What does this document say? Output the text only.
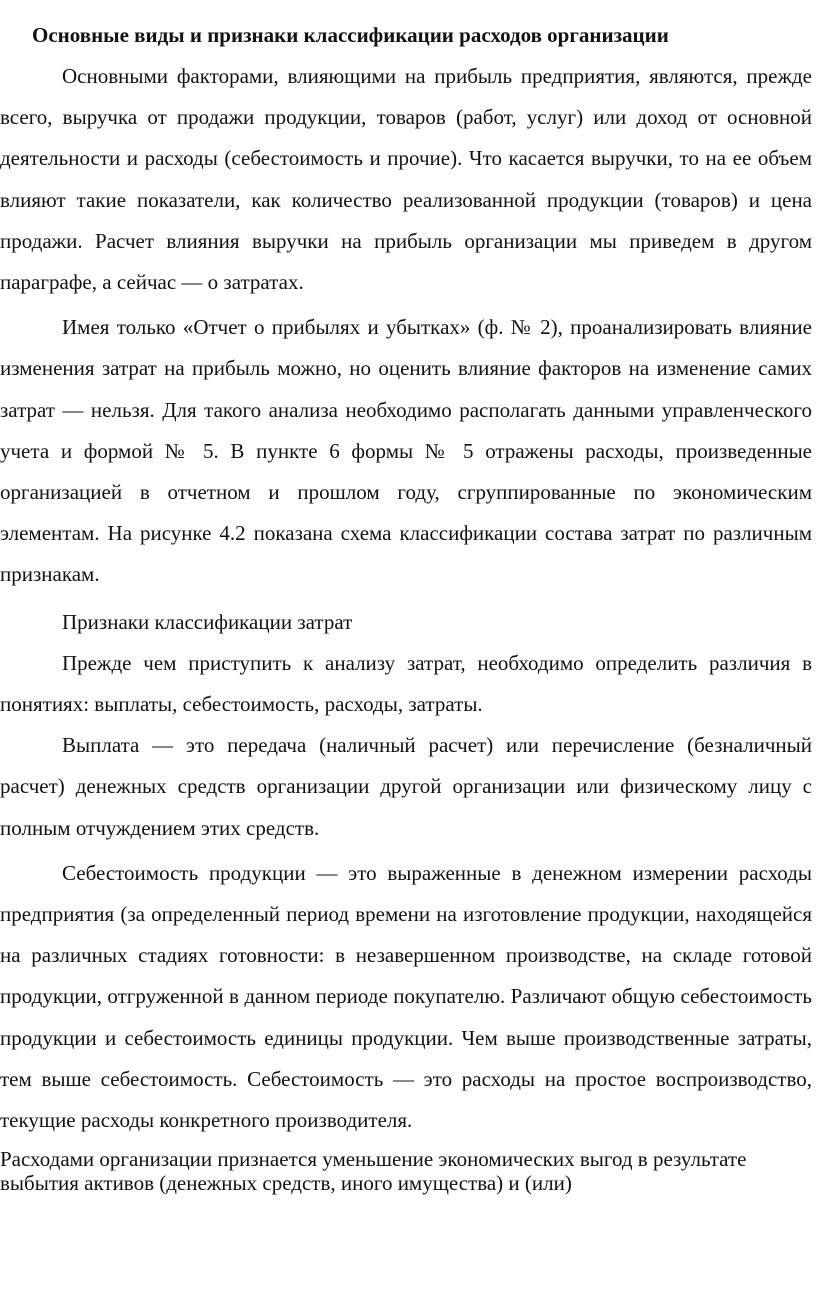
Основные виды и признаки классификации расходов организации

Основными факторами, влияющими на прибыль предприятия, являются, прежде всего, выручка от продажи продукции, товаров (работ, услуг) или доход от основной деятельности и расходы (себестоимость и прочие). Что касается выручки, то на ее объем влияют такие показатели, как количество реализованной продукции (товаров) и цена продажи. Расчет влияния выручки на прибыль организации мы приведем в другом параграфе, а сейчас — о затратах.

Имея только «Отчет о прибылях и убытках» (ф. № 2), проанализировать влияние изменения затрат на прибыль можно, но оценить влияние факторов на изменение самих затрат — нельзя. Для такого анализа необходимо располагать данными управленческого учета и формой № 5. В пункте 6 формы № 5 отражены расходы, произведенные организацией в отчетном и прошлом году, сгруппированные по экономическим элементам. На рисунке 4.2 показана схема классификации состава затрат по различным признакам.

Признаки классификации затрат

Прежде чем приступить к анализу затрат, необходимо определить различия в понятиях: выплаты, себестоимость, расходы, затраты.

Выплата — это передача (наличный расчет) или перечисление (безналичный расчет) денежных средств организации другой организации или физическому лицу с полным отчуждением этих средств.

Себестоимость продукции — это выраженные в денежном измерении расходы предприятия (за определенный период времени на изготовление продукции, находящейся на различных стадиях готовности: в незавершенном производстве, на складе готовой продукции, отгруженной в данном периоде покупателю. Различают общую себестоимость продукции и себестоимость единицы продукции. Чем выше производственные затраты, тем выше себестоимость. Себестоимость — это расходы на простое воспроизводство, текущие расходы конкретного производителя.

Расходами организации признается уменьшение экономических выгод в результате выбытия активов (денежных средств, иного имущества) и (или)
